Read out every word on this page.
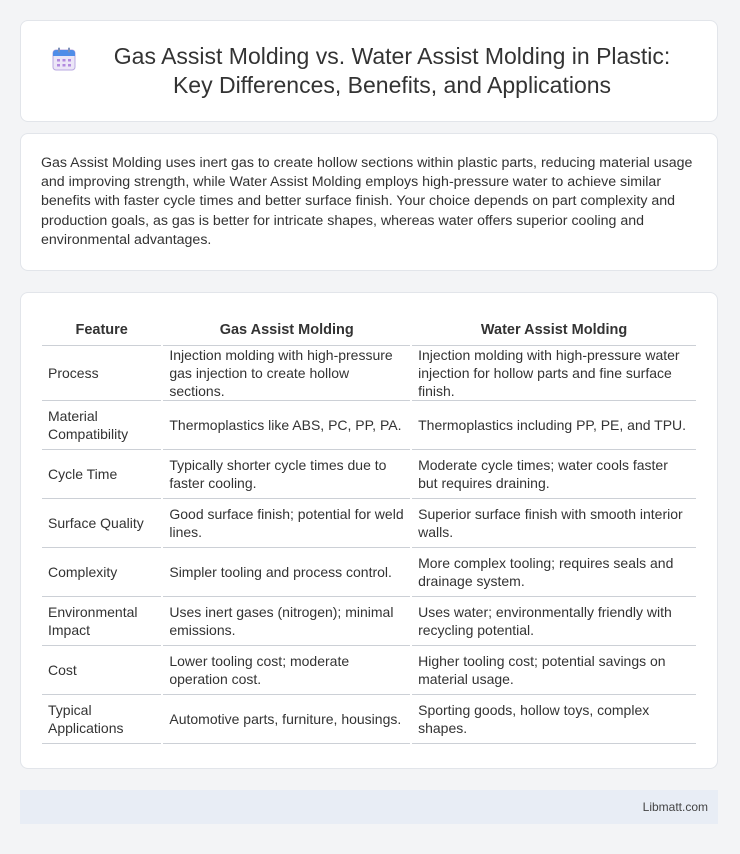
Gas Assist Molding vs. Water Assist Molding in Plastic: Key Differences, Benefits, and Applications

Gas Assist Molding uses inert gas to create hollow sections within plastic parts, reducing material usage and improving strength, while Water Assist Molding employs high-pressure water to achieve similar benefits with faster cycle times and better surface finish. Your choice depends on part complexity and production goals, as gas is better for intricate shapes, whereas water offers superior cooling and environmental advantages.

Feature	Gas Assist Molding	Water Assist Molding
Process	Injection molding with high-pressure gas injection to create hollow sections.	Injection molding with high-pressure water injection for hollow parts and fine surface finish.
Material Compatibility	Thermoplastics like ABS, PC, PP, PA.	Thermoplastics including PP, PE, and TPU.
Cycle Time	Typically shorter cycle times due to faster cooling.	Moderate cycle times; water cools faster but requires draining.
Surface Quality	Good surface finish; potential for weld lines.	Superior surface finish with smooth interior walls.
Complexity	Simpler tooling and process control.	More complex tooling; requires seals and drainage system.
Environmental Impact	Uses inert gases (nitrogen); minimal emissions.	Uses water; environmentally friendly with recycling potential.
Cost	Lower tooling cost; moderate operation cost.	Higher tooling cost; potential savings on material usage.
Typical Applications	Automotive parts, furniture, housings.	Sporting goods, hollow toys, complex shapes.
Libmatt.com
